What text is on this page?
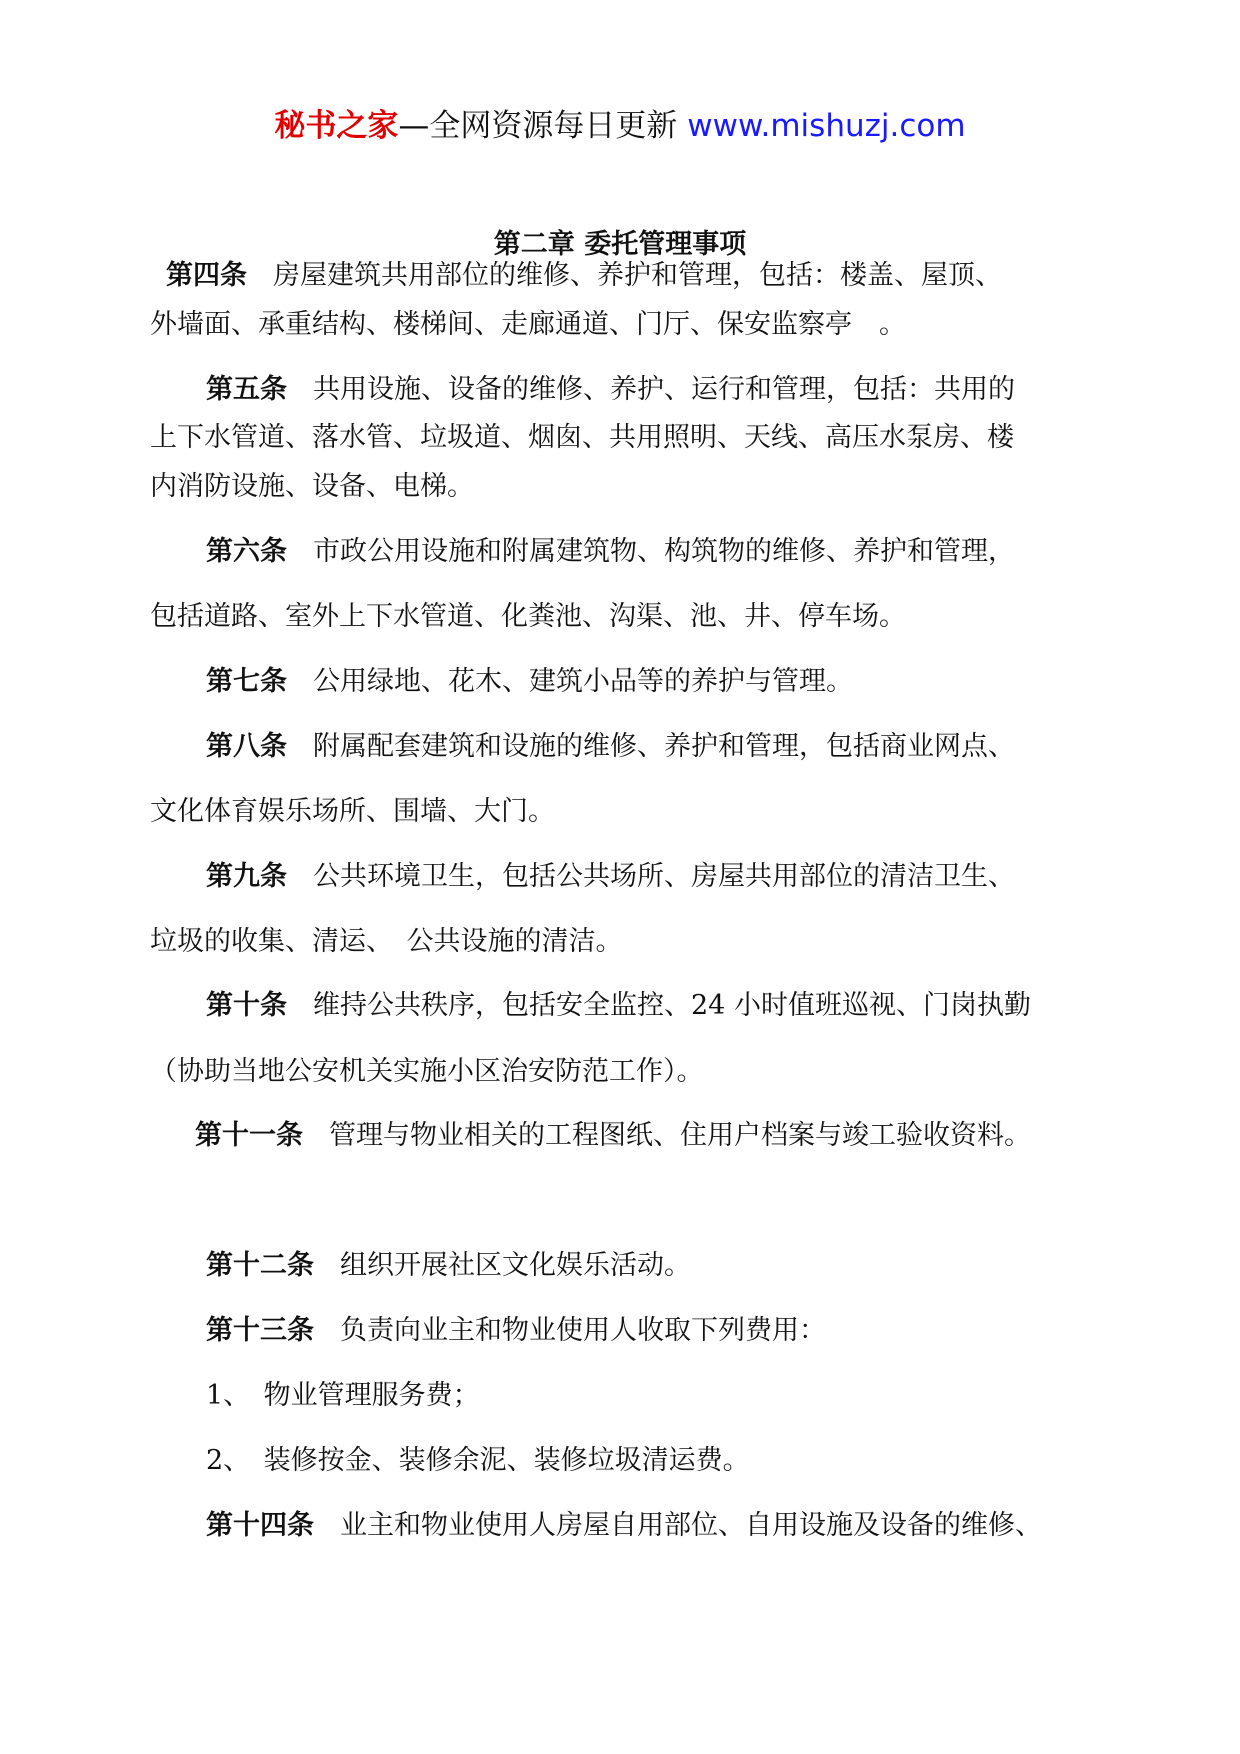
秘书之家—全网资源每日更新 www.mishuzj.com
第二章 委托管理事项
第四条 房屋建筑共用部位的维修、养护和管理，包括：楼盖、屋顶、
外墙面、承重结构、楼梯间、走廊通道、门厅、保安监察亭　。
第五条 共用设施、设备的维修、养护、运行和管理，包括：共用的
上下水管道、落水管、垃圾道、烟囱、共用照明、天线、高压水泵房、楼
内消防设施、设备、电梯。
第六条 市政公用设施和附属建筑物、构筑物的维修、养护和管理，
包括道路、室外上下水管道、化粪池、沟渠、池、井、停车场。
第七条 公用绿地、花木、建筑小品等的养护与管理。
第八条 附属配套建筑和设施的维修、养护和管理，包括商业网点、
文化体育娱乐场所、围墙、大门。
第九条 公共环境卫生，包括公共场所、房屋共用部位的清洁卫生、
垃圾的收集、清运、　公共设施的清洁。
第十条 维持公共秩序，包括安全监控、24 小时值班巡视、门岗执勤
（协助当地公安机关实施小区治安防范工作）。
第十一条 管理与物业相关的工程图纸、住用户档案与竣工验收资料。
第十二条 组织开展社区文化娱乐活动。
第十三条 负责向业主和物业使用人收取下列费用：
1、　物业管理服务费；
2、　装修按金、装修余泥、装修垃圾清运费。
第十四条 业主和物业使用人房屋自用部位、自用设施及设备的维修、
